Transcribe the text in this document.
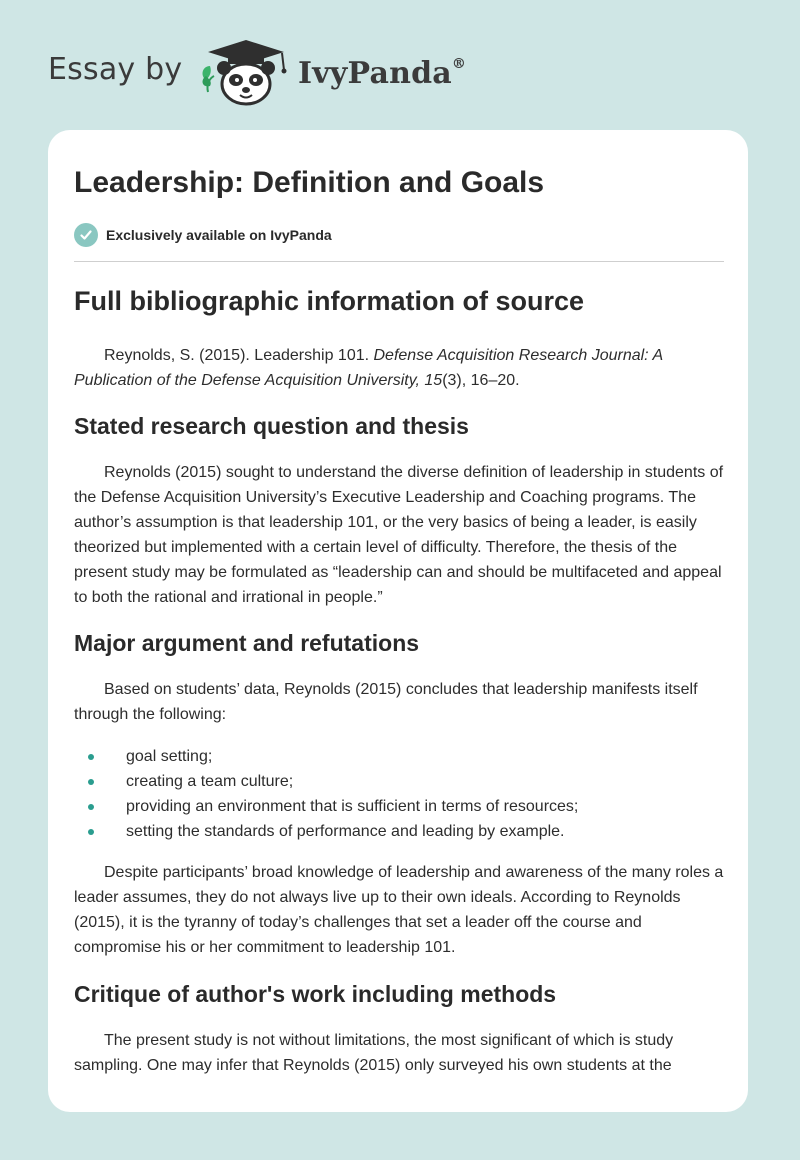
Essay by	IvyPanda®
Leadership: Definition and Goals
Exclusively available on IvyPanda
Full bibliographic information of source

Reynolds, S. (2015). Leadership 101. Defense Acquisition Research Journal: A Publication of the Defense Acquisition University, 15(3), 16–20.

Stated research question and thesis

Reynolds (2015) sought to understand the diverse definition of leadership in students of the Defense Acquisition University’s Executive Leadership and Coaching programs. The author’s assumption is that leadership 101, or the very basics of being a leader, is easily theorized but implemented with a certain level of difficulty. Therefore, the thesis of the present study may be formulated as “leadership can and should be multifaceted and appeal to both the rational and irrational in people.”

Major argument and refutations

Based on students’ data, Reynolds (2015) concludes that leadership manifests itself through the following:

goal setting;
creating a team culture;
providing an environment that is sufficient in terms of resources;
setting the standards of performance and leading by example.

Despite participants’ broad knowledge of leadership and awareness of the many roles a leader assumes, they do not always live up to their own ideals. According to Reynolds (2015), it is the tyranny of today’s challenges that set a leader off the course and compromise his or her commitment to leadership 101.

Critique of author's work including methods

The present study is not without limitations, the most significant of which is study sampling. One may infer that Reynolds (2015) only surveyed his own students at the
